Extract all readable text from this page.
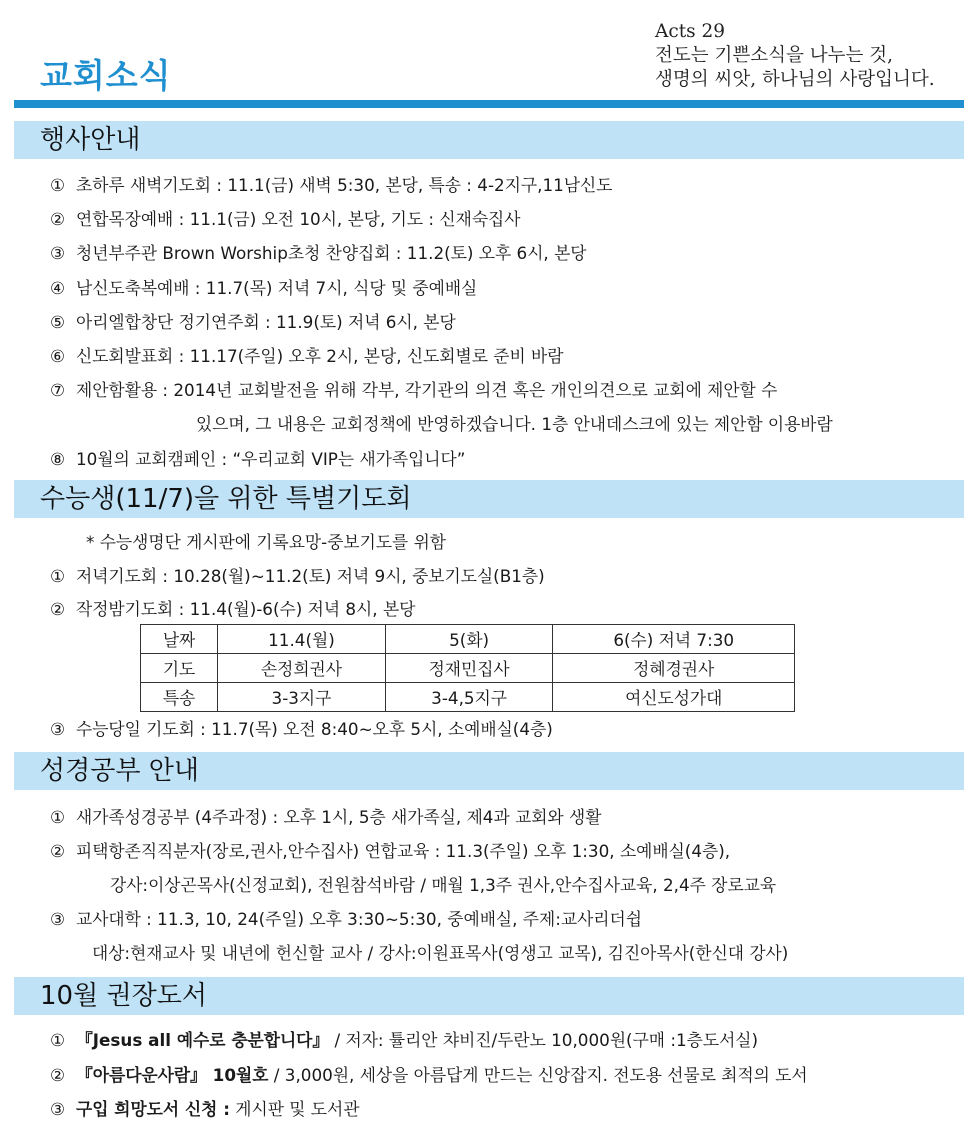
교회소식
Acts 29
전도는 기쁜소식을 나누는 것,
생명의 씨앗, 하나님의 사랑입니다.
행사안내
① 초하루 새벽기도회 : 11.1(금) 새벽 5:30, 본당, 특송 : 4-2지구,11남신도
② 연합목장예배 : 11.1(금) 오전 10시, 본당, 기도 : 신재숙집사
③ 청년부주관 Brown Worship초청 찬양집회 : 11.2(토) 오후 6시, 본당
④ 남신도축복예배 : 11.7(목) 저녁 7시, 식당 및 중예배실
⑤ 아리엘합창단 정기연주회 : 11.9(토) 저녁 6시, 본당
⑥ 신도회발표회 : 11.17(주일) 오후 2시, 본당, 신도회별로 준비 바람
⑦ 제안함활용 : 2014년 교회발전을 위해 각부, 각기관의 의견 혹은 개인의견으로 교회에 제안할 수
있으며, 그 내용은 교회정책에 반영하겠습니다. 1층 안내데스크에 있는 제안함 이용바람
⑧ 10월의 교회캠페인 : “우리교회 VIP는 새가족입니다”
수능생(11/7)을 위한 특별기도회
* 수능생명단 게시판에 기록요망-중보기도를 위함
① 저녁기도회 : 10.28(월)~11.2(토) 저녁 9시, 중보기도실(B1층)
② 작정밤기도회 : 11.4(월)-6(수) 저녁 8시, 본당
날짜	11.4(월)	5(화)	6(수) 저녁 7:30
기도	손정희권사	정재민집사	정혜경권사
특송	3-3지구	3-4,5지구	여신도성가대
③ 수능당일 기도회 : 11.7(목) 오전 8:40~오후 5시, 소예배실(4층)
성경공부 안내
① 새가족성경공부 (4주과정) : 오후 1시, 5층 새가족실, 제4과 교회와 생활
② 피택항존직직분자(장로,권사,안수집사) 연합교육 : 11.3(주일) 오후 1:30, 소예배실(4층),
강사:이상곤목사(신정교회), 전원참석바람 / 매월 1,3주 권사,안수집사교육, 2,4주 장로교육
③ 교사대학 : 11.3, 10, 24(주일) 오후 3:30~5:30, 중예배실, 주제:교사리더쉽
대상:현재교사 및 내년에 헌신할 교사 / 강사:이원표목사(영생고 교목), 김진아목사(한신대 강사)
10월 권장도서
① 『Jesus all 예수로 충분합니다』 / 저자: 튤리안 챠비진/두란노 10,000원(구매 :1층도서실)
② 『아름다운사람』 10월호 / 3,000원, 세상을 아름답게 만드는 신앙잡지. 전도용 선물로 최적의 도서
③ 구입 희망도서 신청 : 게시판 및 도서관
